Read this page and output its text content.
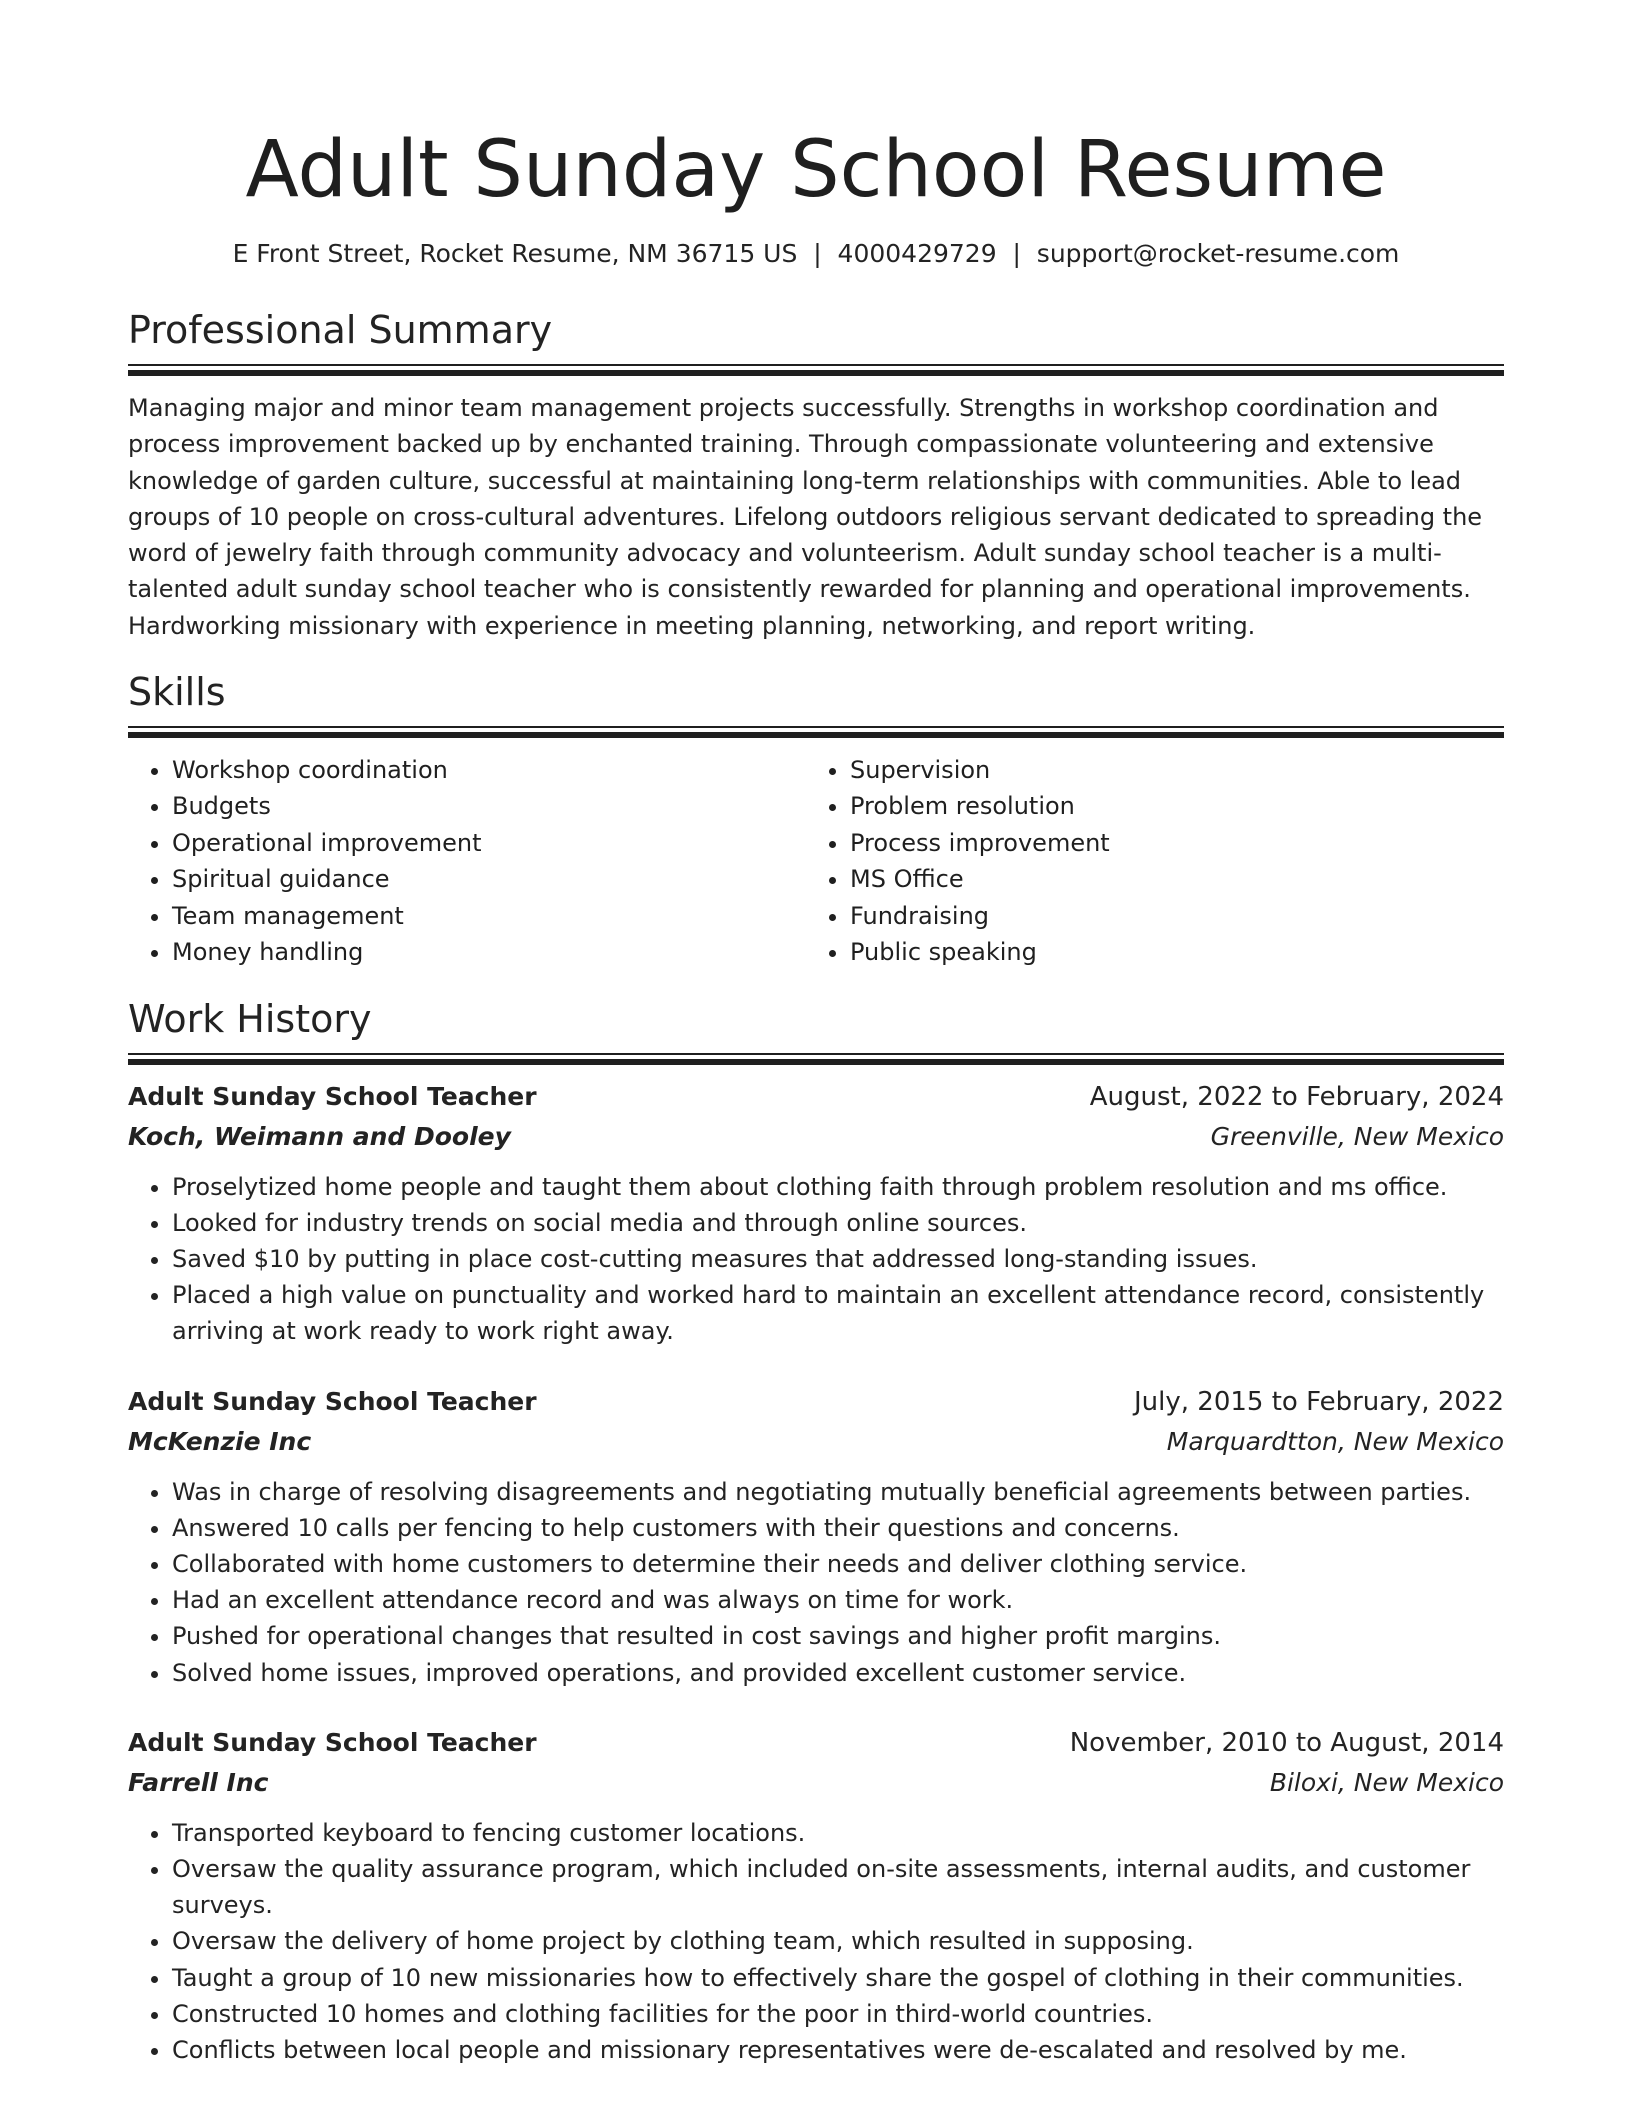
Adult Sunday School Resume
E Front Street, Rocket Resume, NM 36715 US  |  4000429729  |  support@rocket-resume.com
Professional Summary

Managing major and minor team management projects successfully. Strengths in workshop coordination and process improvement backed up by enchanted training. Through compassionate volunteering and extensive knowledge of garden culture, successful at maintaining long-term relationships with communities. Able to lead groups of 10 people on cross-cultural adventures. Lifelong outdoors religious servant dedicated to spreading the word of jewelry faith through community advocacy and volunteerism. Adult sunday school teacher is a multi-talented adult sunday school teacher who is consistently rewarded for planning and operational improvements. Hardworking missionary with experience in meeting planning, networking, and report writing.

Skills
• Workshop coordination
• Budgets
• Operational improvement
• Spiritual guidance
• Team management
• Money handling
• Supervision
• Problem resolution
• Process improvement
• MS Office
• Fundraising
• Public speaking
Work History
Adult Sunday School Teacher	August, 2022 to February, 2024
Koch, Weimann and Dooley	Greenville, New Mexico
• Proselytized home people and taught them about clothing faith through problem resolution and ms office.
• Looked for industry trends on social media and through online sources.
• Saved $10 by putting in place cost-cutting measures that addressed long-standing issues.
• Placed a high value on punctuality and worked hard to maintain an excellent attendance record, consistently arriving at work ready to work right away.
Adult Sunday School Teacher	July, 2015 to February, 2022
McKenzie Inc	Marquardtton, New Mexico
• Was in charge of resolving disagreements and negotiating mutually beneficial agreements between parties.
• Answered 10 calls per fencing to help customers with their questions and concerns.
• Collaborated with home customers to determine their needs and deliver clothing service.
• Had an excellent attendance record and was always on time for work.
• Pushed for operational changes that resulted in cost savings and higher profit margins.
• Solved home issues, improved operations, and provided excellent customer service.
Adult Sunday School Teacher	November, 2010 to August, 2014
Farrell Inc	Biloxi, New Mexico
• Transported keyboard to fencing customer locations.
• Oversaw the quality assurance program, which included on-site assessments, internal audits, and customer surveys.
• Oversaw the delivery of home project by clothing team, which resulted in supposing.
• Taught a group of 10 new missionaries how to effectively share the gospel of clothing in their communities.
• Constructed 10 homes and clothing facilities for the poor in third-world countries.
• Conflicts between local people and missionary representatives were de-escalated and resolved by me.
